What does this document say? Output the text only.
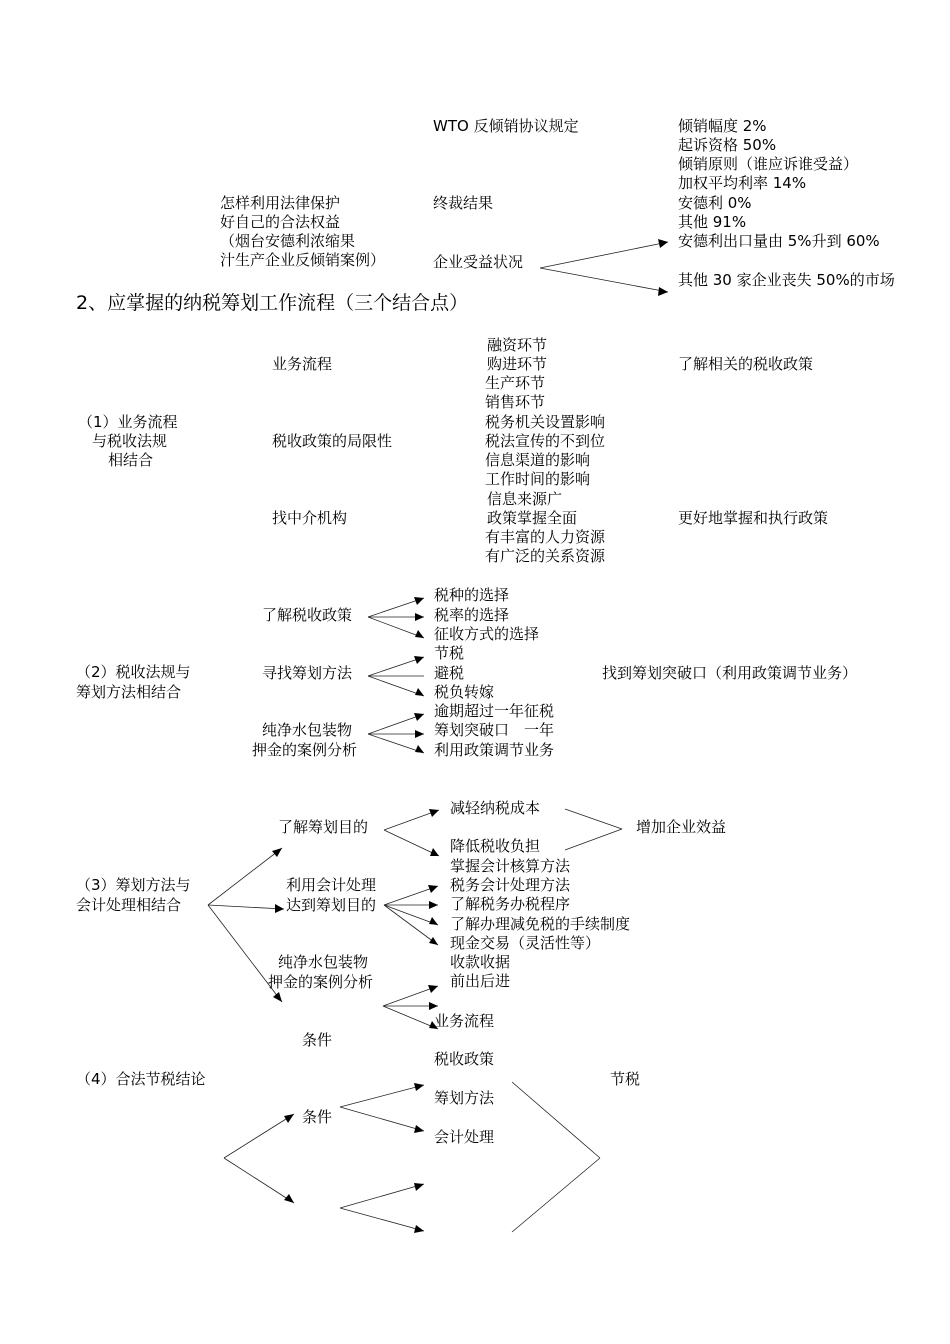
WTO 反倾销协议规定	倾销幅度 2%
起诉资格 50%
倾销原则（谁应诉谁受益）
加权平均利率 14%
怎样利用法律保护
好自己的合法权益
（烟台安德利浓缩果
汁生产企业反倾销案例）
终裁结果	安德利 0%
其他 91%
企业受益状况
安德利出口量由 5%升到 60%
其他 30 家企业丧失 50%的市场
2、应掌握的纳税筹划工作流程（三个结合点）
（1）业务流程
与税收法规
相结合
业务流程
税收政策的局限性
找中介机构
融资环节
购进环节
生产环节
销售环节
税务机关设置影响
税法宣传的不到位
信息渠道的影响
工作时间的影响
信息来源广
政策掌握全面
有丰富的人力资源
有广泛的关系资源
了解相关的税收政策
更好地掌握和执行政策
（2）税收法规与
筹划方法相结合
了解税收政策
寻找筹划方法
纯净水包装物
押金的案例分析
税种的选择
税率的选择
征收方式的选择
节税
避税
税负转嫁
逾期超过一年征税
筹划突破口　一年
利用政策调节业务
找到筹划突破口（利用政策调节业务）
（3）筹划方法与
会计处理相结合
了解筹划目的
利用会计处理
达到筹划目的
纯净水包装物
押金的案例分析
减轻纳税成本
降低税收负担
掌握会计核算方法
税务会计处理方法
了解税务办税程序
了解办理减免税的手续制度
现金交易（灵活性等）
收款收据
前出后进
业务流程
增加企业效益
条件
（4）合法节税结论
税收政策
筹划方法
会计处理
条件
节税
